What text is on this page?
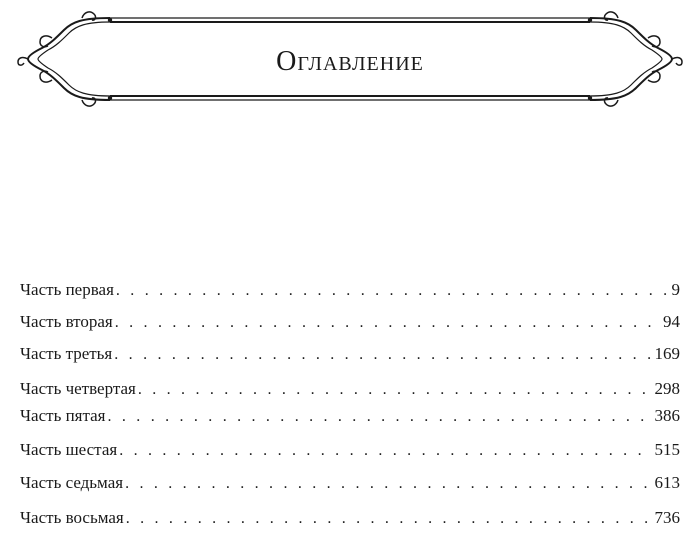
Оглавление
Часть первая . . .	9
Часть вторая . . .	94
Часть третья . . .	169
Часть четвертая . . .	298
Часть пятая . . .	386
Часть шестая . . .	515
Часть седьмая . . .	613
Часть восьмая . . .	736
